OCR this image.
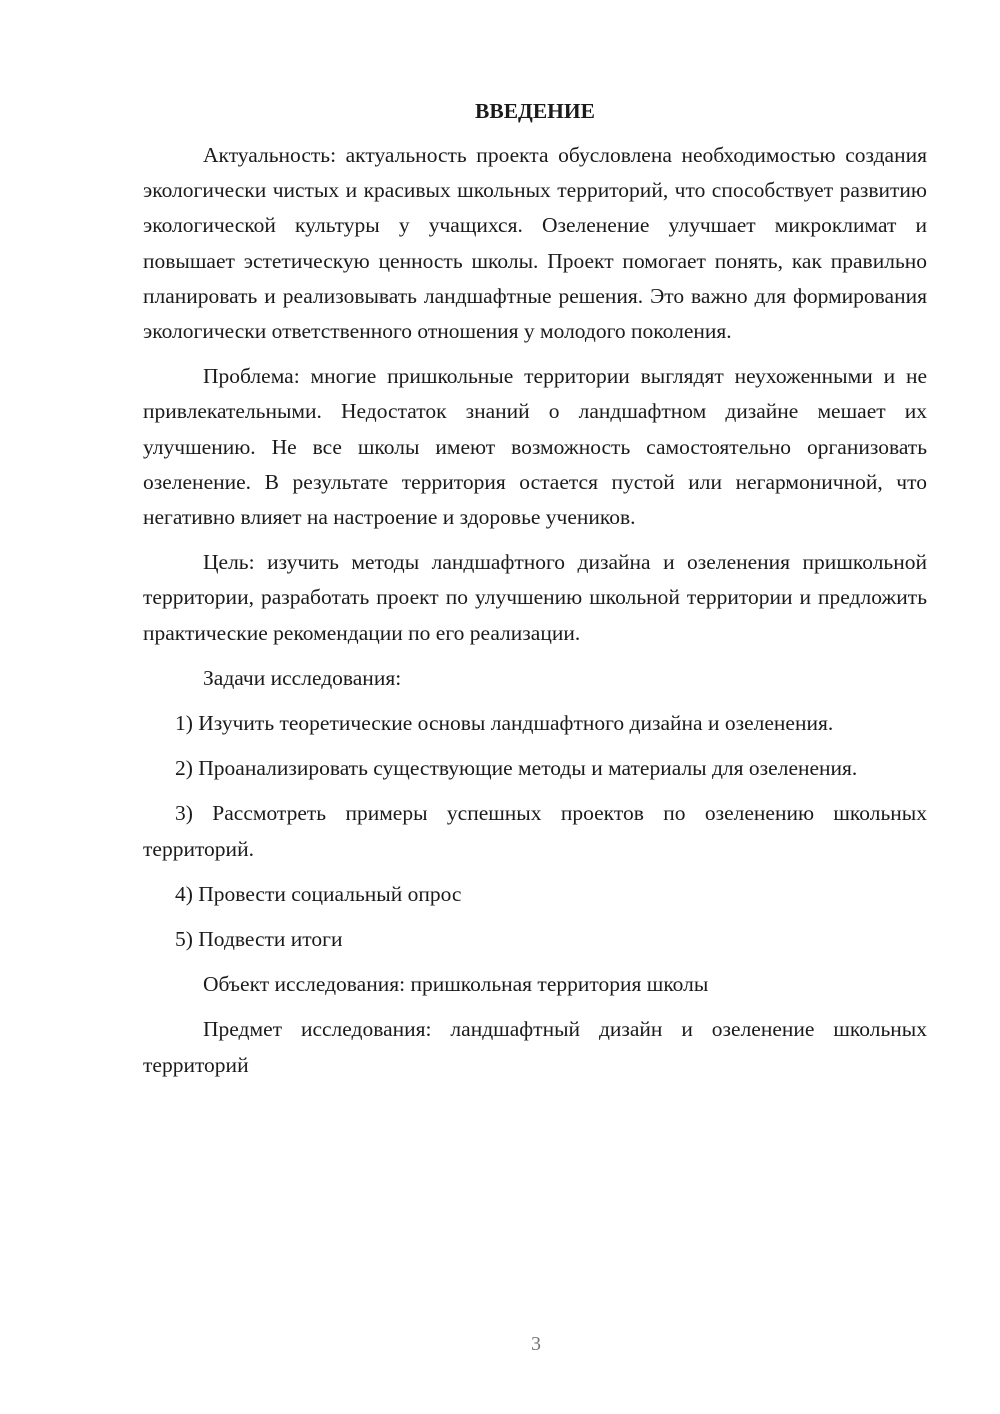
ВВЕДЕНИЕ

Актуальность: актуальность проекта обусловлена необходимостью создания экологически чистых и красивых школьных территорий, что способствует развитию экологической культуры у учащихся. Озеленение улучшает микроклимат и повышает эстетическую ценность школы. Проект помогает понять, как правильно планировать и реализовывать ландшафтные решения. Это важно для формирования экологически ответственного отношения у молодого поколения.

Проблема: многие пришкольные территории выглядят неухоженными и не привлекательными. Недостаток знаний о ландшафтном дизайне мешает их улучшению. Не все школы имеют возможность самостоятельно организовать озеленение. В результате территория остается пустой или негармоничной, что негативно влияет на настроение и здоровье учеников.

Цель: изучить методы ландшафтного дизайна и озеленения пришкольной территории, разработать проект по улучшению школьной территории и предложить практические рекомендации по его реализации.

Задачи исследования:

1) Изучить теоретические основы ландшафтного дизайна и озеленения.

2) Проанализировать существующие методы и материалы для озеленения.

3) Рассмотреть примеры успешных проектов по озеленению школьных территорий.

4) Провести социальный опрос

5) Подвести итоги

Объект исследования: пришкольная территория школы

Предмет исследования: ландшафтный дизайн и озеленение школьных территорий

3
